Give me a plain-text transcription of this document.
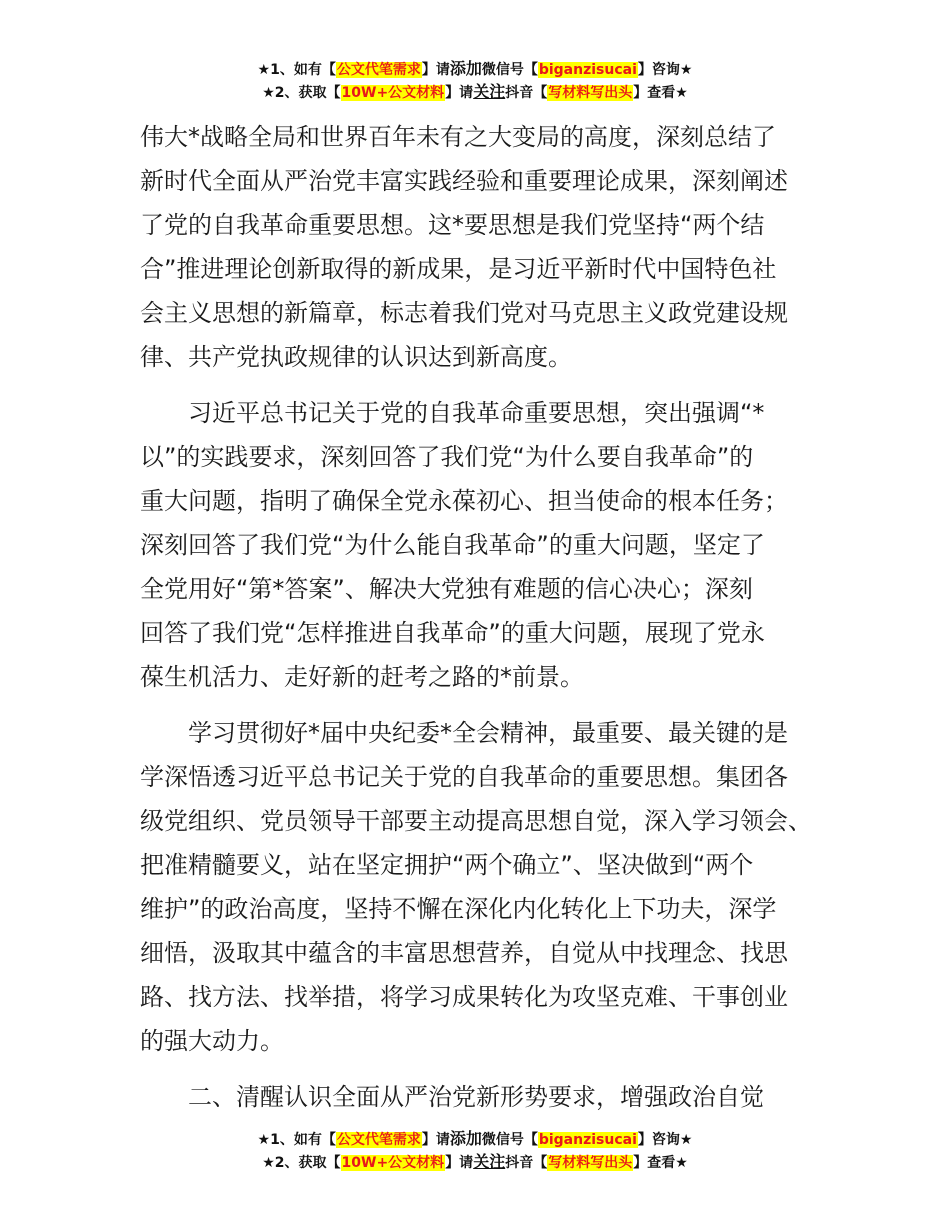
★1、如有【公文代笔需求】请添加微信号【biganzisucai】咨询★
★2、获取【10W+公文材料】请关注抖音【写材料写出头】查看★
伟大*战略全局和世界百年未有之大变局的高度，深刻总结了
新时代全面从严治党丰富实践经验和重要理论成果，深刻阐述
了党的自我革命重要思想。这*要思想是我们党坚持“两个结
合”推进理论创新取得的新成果，是习近平新时代中国特色社
会主义思想的新篇章，标志着我们党对马克思主义政党建设规
律、共产党执政规律的认识达到新高度。
习近平总书记关于党的自我革命重要思想，突出强调“*
以”的实践要求，深刻回答了我们党“为什么要自我革命”的
重大问题，指明了确保全党永葆初心、担当使命的根本任务；
深刻回答了我们党“为什么能自我革命”的重大问题，坚定了
全党用好“第*答案”、解决大党独有难题的信心决心；深刻
回答了我们党“怎样推进自我革命”的重大问题，展现了党永
葆生机活力、走好新的赶考之路的*前景。
学习贯彻好*届中央纪委*全会精神，最重要、最关键的是
学深悟透习近平总书记关于党的自我革命的重要思想。集团各
级党组织、党员领导干部要主动提高思想自觉，深入学习领会、
把准精髓要义，站在坚定拥护“两个确立”、坚决做到“两个
维护”的政治高度，坚持不懈在深化内化转化上下功夫，深学
细悟，汲取其中蕴含的丰富思想营养，自觉从中找理念、找思
路、找方法、找举措，将学习成果转化为攻坚克难、干事创业
的强大动力。
二、清醒认识全面从严治党新形势要求，增强政治自觉
★1、如有【公文代笔需求】请添加微信号【biganzisucai】咨询★
★2、获取【10W+公文材料】请关注抖音【写材料写出头】查看★
